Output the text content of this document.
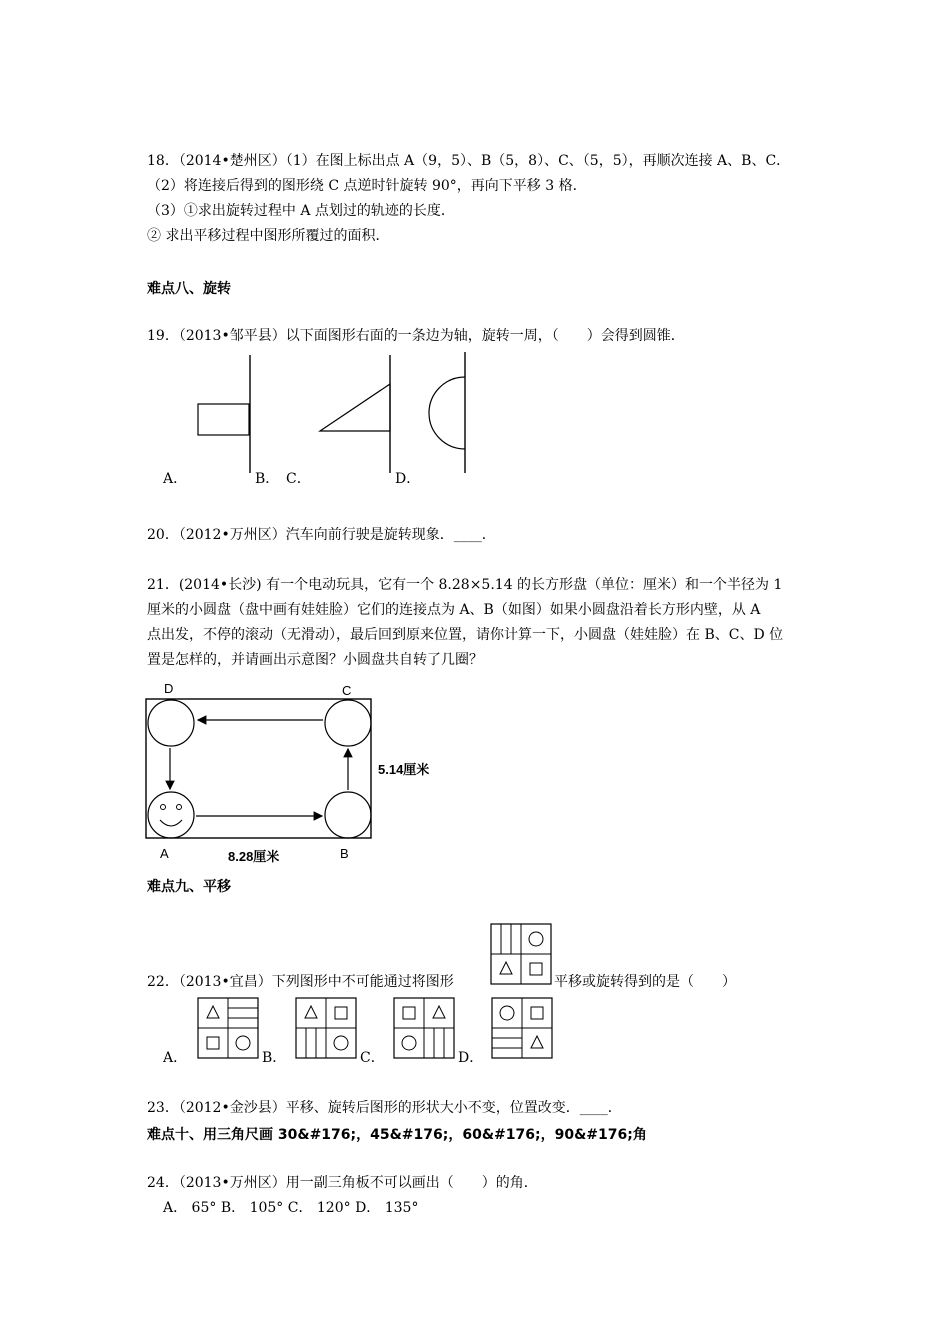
18．（2014•楚州区）（1）在图上标出点 A（9，5）、B（5，8）、C、（5，5），再顺次连接 A、B、C．
（2）将连接后得到的图形绕 C 点逆时针旋转 90°，再向下平移 3 格．
（3）①求出旋转过程中 A 点划过的轨迹的长度．
② 求出平移过程中图形所覆过的面积．
难点八、旋转
19．（2013•邹平县）以下面图形右面的一条边为轴，旋转一周，（　　）会得到圆锥．
A．	B． C．	D．
20．（2012•万州区）汽车向前行驶是旋转现象．____．
21．(2014•长沙) 有一个电动玩具，它有一个 8.28×5.14 的长方形盘（单位：厘米）和一个半径为 1
厘米的小圆盘（盘中画有娃娃脸）它们的连接点为 A、B（如图）如果小圆盘沿着长方形内壁，从 A
点出发，不停的滚动（无滑动），最后回到原来位置，请你计算一下，小圆盘（娃娃脸）在 B、C、D 位
置是怎样的，并请画出示意图？小圆盘共自转了几圈？
D	C
A	B
5.14厘米
8.28厘米
难点九、平移
22．（2013•宜昌）下列图形中不可能通过将图形	平移或旋转得到的是（　　）
A．	B．	C．	D．
23．（2012•金沙县）平移、旋转后图形的形状大小不变，位置改变．____．
难点十、用三角尺画 30&#176;，45&#176;，60&#176;，90&#176;角
24．（2013•万州区）用一副三角板不可以画出（　　）的角．
A． 65° B． 105° C． 120° D． 135°
